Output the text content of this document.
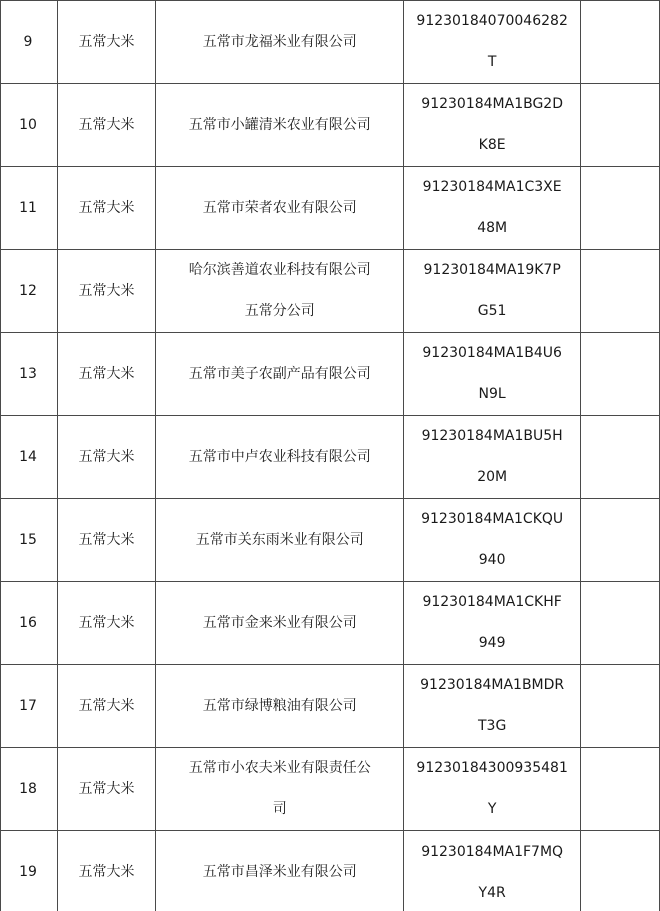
9	五常大米	五常市龙福米业有限公司	91230184070046282
T	

10	五常大米	五常市小罐清米农业有限公司	91230184MA1BG2D
K8E	

11	五常大米	五常市荣者农业有限公司	91230184MA1C3XE
48M	

12	五常大米	哈尔滨善道农业科技有限公司
五常分公司	91230184MA19K7P
G51	

13	五常大米	五常市美子农副产品有限公司	91230184MA1B4U6
N9L	

14	五常大米	五常市中卢农业科技有限公司	91230184MA1BU5H
20M	

15	五常大米	五常市关东雨米业有限公司	91230184MA1CKQU
940	

16	五常大米	五常市金来米业有限公司	91230184MA1CKHF
949	

17	五常大米	五常市绿博粮油有限公司	91230184MA1BMDR
T3G	

18	五常大米	五常市小农夫米业有限责任公
司	91230184300935481
Y	

19	五常大米	五常市昌泽米业有限公司	91230184MA1F7MQ
Y4R	
